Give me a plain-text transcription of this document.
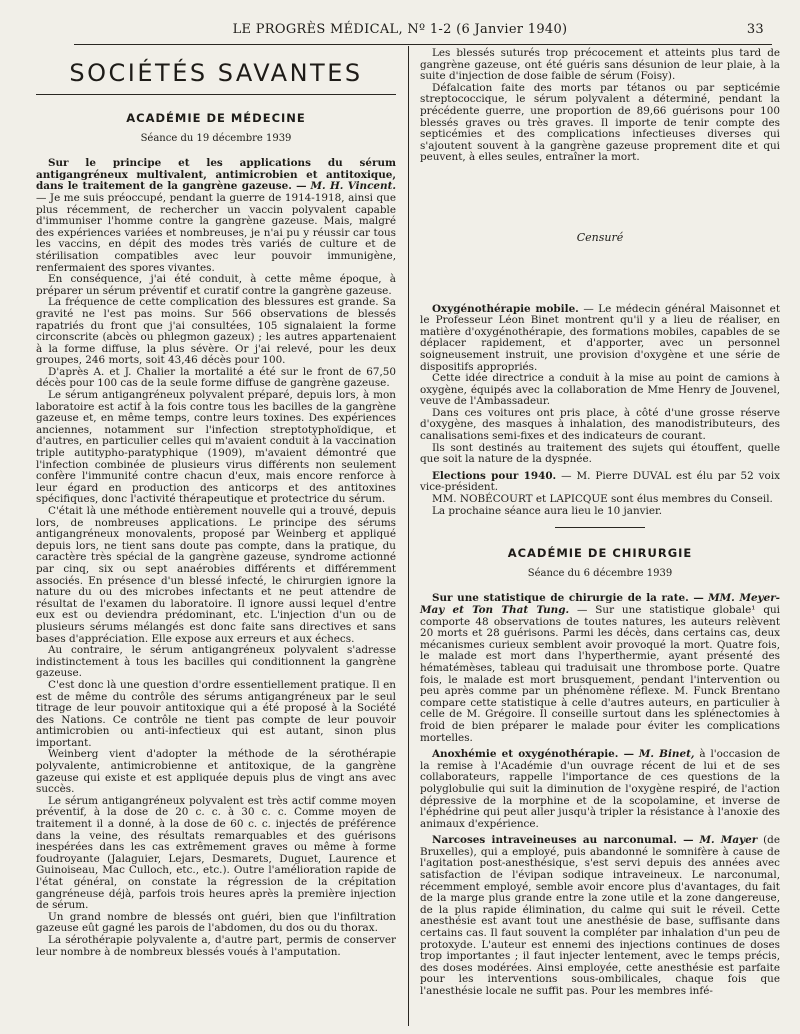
LE PROGRÈS MÉDICAL, Nº 1-2 (6 Janvier 1940)	33
SOCIÉTÉS SAVANTES
ACADÉMIE DE MÉDECINE
Séance du 19 décembre 1939

Sur le principe et les applications du sérum antigangréneux multivalent, antimicrobien et antitoxique, dans le traitement de la gangrène gazeuse. — M. H. Vincent. — Je me suis préoccupé, pendant la guerre de 1914-1918, ainsi que plus récemment, de rechercher un vaccin polyvalent capable d'immuniser l'homme contre la gangrène gazeuse. Mais, malgré des expériences variées et nombreuses, je n'ai pu y réussir car tous les vaccins, en dépit des modes très variés de culture et de stérilisation compatibles avec leur pouvoir immunigène, renfermaient des spores vivantes.

En conséquence, j'ai été conduit, à cette même époque, à préparer un sérum préventif et curatif contre la gangrène gazeuse.

La fréquence de cette complication des blessures est grande. Sa gravité ne l'est pas moins. Sur 566 observations de blessés rapatriés du front que j'ai consultées, 105 signalaient la forme circonscrite (abcès ou phlegmon gazeux) ; les autres appartenaient à la forme diffuse, la plus sévère. Or j'ai relevé, pour les deux groupes, 246 morts, soit 43,46 décès pour 100.

D'après A. et J. Chalier la mortalité a été sur le front de 67,50 décès pour 100 cas de la seule forme diffuse de gangrène gazeuse.

Le sérum antigangréneux polyvalent préparé, depuis lors, à mon laboratoire est actif à la fois contre tous les bacilles de la gangrène gazeuse et, en même temps, contre leurs toxines. Des expériences anciennes, notamment sur l'infection streptotyphoïdique, et d'autres, en particulier celles qui m'avaient conduit à la vaccination triple autitypho-paratyphique (1909), m'avaient démontré que l'infection combinée de plusieurs virus différents non seulement confère l'immunité contre chacun d'eux, mais encore renforce à leur égard en production des anticorps et des antitoxines spécifiques, donc l'activité thérapeutique et protectrice du sérum.

C'était là une méthode entièrement nouvelle qui a trouvé, depuis lors, de nombreuses applications. Le principe des sérums antigangréneux monovalents, proposé par Weinberg et appliqué depuis lors, ne tient sans doute pas compte, dans la pratique, du caractère très spécial de la gangrène gazeuse, syndrome actionné par cinq, six ou sept anaérobies différents et différemment associés. En présence d'un blessé infecté, le chirurgien ignore la nature du ou des microbes infectants et ne peut attendre de résultat de l'examen du laboratoire. Il ignore aussi lequel d'entre eux est ou deviendra prédominant, etc. L'injection d'un ou de plusieurs sérums mélangés est donc faite sans directives et sans bases d'appréciation. Elle expose aux erreurs et aux échecs.

Au contraire, le sérum antigangréneux polyvalent s'adresse indistinctement à tous les bacilles qui conditionnent la gangrène gazeuse.

C'est donc là une question d'ordre essentiellement pratique. Il en est de même du contrôle des sérums antigangréneux par le seul titrage de leur pouvoir antitoxique qui a été proposé à la Société des Nations. Ce contrôle ne tient pas compte de leur pouvoir antimicrobien ou anti-infectieux qui est autant, sinon plus important.

Weinberg vient d'adopter la méthode de la sérothérapie polyvalente, antimicrobienne et antitoxique, de la gangrène gazeuse qui existe et est appliquée depuis plus de vingt ans avec succès.

Le sérum antigangréneux polyvalent est très actif comme moyen préventif, à la dose de 20 c. c. à 30 c. c. Comme moyen de traitement il a donné, à la dose de 60 c. c. injectés de préférence dans la veine, des résultats remarquables et des guérisons inespérées dans les cas extrêmement graves ou même à forme foudroyante (Jalaguier, Lejars, Desmarets, Duguet, Laurence et Guinoiseau, Mac Culloch, etc., etc.). Outre l'amélioration rapide de l'état général, on constate la régression de la crépitation gangréneuse déjà, parfois trois heures après la première injection de sérum.

Un grand nombre de blessés ont guéri, bien que l'infiltration gazeuse eût gagné les parois de l'abdomen, du dos ou du thorax.

La sérothérapie polyvalente a, d'autre part, permis de conserver leur nombre à de nombreux blessés voués à l'amputation.

Les blessés suturés trop précocement et atteints plus tard de gangrène gazeuse, ont été guéris sans désunion de leur plaie, à la suite d'injection de dose faible de sérum (Foisy).

Défalcation faite des morts par tétanos ou par septicémie streptococcique, le sérum polyvalent a déterminé, pendant la précédente guerre, une proportion de 89,66 guérisons pour 100 blessés graves ou très graves. Il importe de tenir compte des septicémies et des complications infectieuses diverses qui s'ajoutent souvent à la gangrène gazeuse proprement dite et qui peuvent, à elles seules, entraîner la mort.

Censuré

Oxygénothérapie mobile. — Le médecin général Maisonnet et le Professeur Léon Binet montrent qu'il y a lieu de réaliser, en matière d'oxygénothérapie, des formations mobiles, capables de se déplacer rapidement, et d'apporter, avec un personnel soigneusement instruit, une provision d'oxygène et une série de dispositifs appropriés.

Cette idée directrice a conduit à la mise au point de camions à oxygène, équipés avec la collaboration de Mme Henry de Jouvenel, veuve de l'Ambassadeur.

Dans ces voitures ont pris place, à côté d'une grosse réserve d'oxygène, des masques à inhalation, des manodistributeurs, des canalisations semi-fixes et des indicateurs de courant.

Ils sont destinés au traitement des sujets qui étouffent, quelle que soit la nature de la dyspnée.

Elections pour 1940. — M. Pierre DUVAL est élu par 52 voix vice-président.

MM. NOBÉCOURT et LAPICQUE sont élus membres du Conseil.

La prochaine séance aura lieu le 10 janvier.

ACADÉMIE DE CHIRURGIE
Séance du 6 décembre 1939

Sur une statistique de chirurgie de la rate. — MM. Meyer-May et Ton That Tung. — Sur une statistique globale¹ qui comporte 48 observations de toutes natures, les auteurs relèvent 20 morts et 28 guérisons. Parmi les décès, dans certains cas, deux mécanismes curieux semblent avoir provoqué la mort. Quatre fois, le malade est mort dans l'hyperthermie, ayant présenté des hématémèses, tableau qui traduisait une thrombose porte. Quatre fois, le malade est mort brusquement, pendant l'intervention ou peu après comme par un phénomène réflexe. M. Funck Brentano compare cette statistique à celle d'autres auteurs, en particulier à celle de M. Grégoire. Il conseille surtout dans les splénectomies à froid de bien préparer le malade pour éviter les complications mortelles.

Anoxhémie et oxygénothérapie. — M. Binet, à l'occasion de la remise à l'Académie d'un ouvrage récent de lui et de ses collaborateurs, rappelle l'importance de ces questions de la polyglobulie qui suit la diminution de l'oxygène respiré, de l'action dépressive de la morphine et de la scopolamine, et inverse de l'éphédrine qui peut aller jusqu'à tripler la résistance à l'anoxie des animaux d'expérience.

Narcoses intraveineuses au narconumal. — M. Mayer (de Bruxelles), qui a employé, puis abandonné le somnifère à cause de l'agitation post-anesthésique, s'est servi depuis des années avec satisfaction de l'évipan sodique intraveineux. Le narconumal, récemment employé, semble avoir encore plus d'avantages, du fait de la marge plus grande entre la zone utile et la zone dangereuse, de la plus rapide élimination, du calme qui suit le réveil. Cette anesthésie est avant tout une anesthésie de base, suffisante dans certains cas. Il faut souvent la compléter par inhalation d'un peu de protoxyde. L'auteur est ennemi des injections continues de doses trop importantes ; il faut injecter lentement, avec le temps précis, des doses modérées. Ainsi employée, cette anesthésie est parfaite pour les interventions sous-ombilicales, chaque fois que l'anesthésie locale ne suffit pas. Pour les membres infé-
